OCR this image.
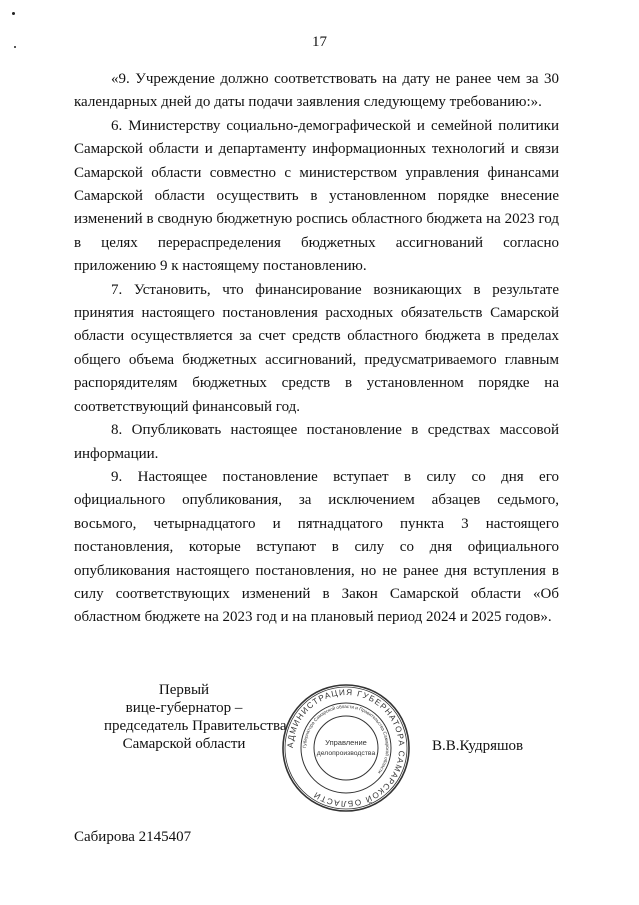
17

«9. Учреждение должно соответствовать на дату не ранее чем за 30 календарных дней до даты подачи заявления следующему требованию:».

6. Министерству социально-демографической и семейной политики Самарской области и департаменту информационных технологий и связи Самарской области совместно с министерством управления финансами Самарской области осуществить в установленном порядке внесение изменений в сводную бюджетную роспись областного бюджета на 2023 год в целях перераспределения бюджетных ассигнований согласно приложению 9 к настоящему постановлению.

7. Установить, что финансирование возникающих в результате принятия настоящего постановления расходных обязательств Самарской области осуществляется за счет средств областного бюджета в пределах общего объема бюджетных ассигнований, предусматриваемого главным распорядителям бюджетных средств в установленном порядке на соответствующий финансовый год.

8. Опубликовать настоящее постановление в средствах массовой информации.

9. Настоящее постановление вступает в силу со дня его официального опубликования, за исключением абзацев седьмого, восьмого, четырнадцатого и пятнадцатого пункта 3 настоящего постановления, которые вступают в силу со дня официального опубликования настоящего постановления, но не ранее дня вступления в силу соответствующих изменений в Закон Самарской области «Об областном бюджете на 2023 год и на плановый период 2024 и 2025 годов».

Первый
вице-губернатор –
председатель Правительства
Самарской области	АДМИНИСТРАЦИЯ ГУБЕРНАТОРА САМАРСКОЙ ОБЛАСТИ
Губернатора Самарской области и Правительства Самарской области
Управление
делопроизводства	В.В.Кудряшов
Сабирова 2145407
